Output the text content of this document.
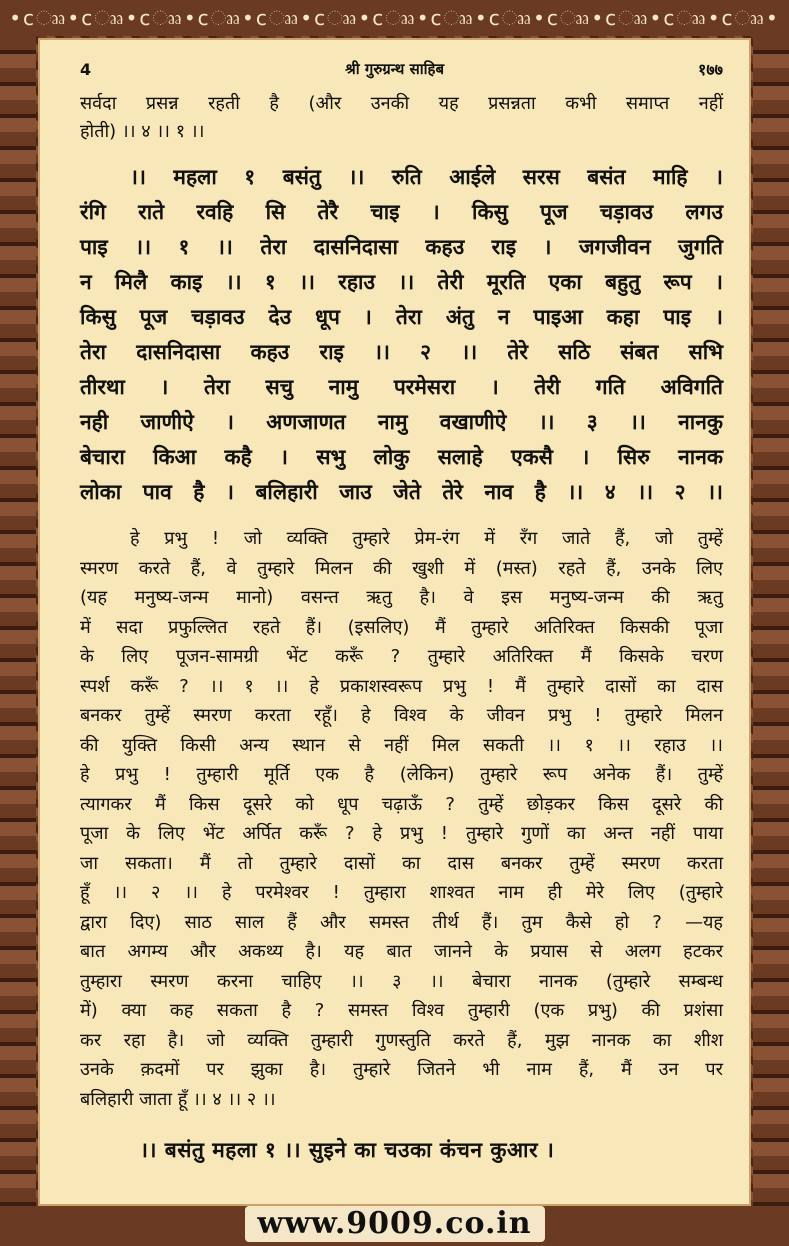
•cෲ•cෲ•cෲ•cෲ•cෲ•cෲ•cෲ•cෲ•cෲ•cෲ•cෲ•cෲ•cෲ•
www.9009.co.in
4	श्री गुरुग्रन्थ साहिब	१७७
सर्वदा प्रसन्न रहती है (और उनकी यह प्रसन्नता कभी समाप्त नहीं
होती) ।। ४ ।। १ ।।
।। महला १ बसंतु ।। रुति आईले सरस बसंत माहि ।
रंगि राते रवहि सि तेरै चाइ । किसु पूज चड़ावउ लगउ
पाइ ।। १ ।। तेरा दासनिदासा कहउ राइ । जगजीवन जुगति
न मिलै काइ ।। १ ।। रहाउ ।। तेरी मूरति एका बहुतु रूप ।
किसु पूज चड़ावउ देउ धूप । तेरा अंतु न पाइआ कहा पाइ ।
तेरा दासनिदासा कहउ राइ ।। २ ।। तेरे सठि संबत सभि
तीरथा । तेरा सचु नामु परमेसरा । तेरी गति अविगति
नही जाणीऐ । अणजाणत नामु वखाणीऐ ।। ३ ।। नानकु
बेचारा किआ कहै । सभु लोकु सलाहे एकसै । सिरु नानक
लोका पाव है । बलिहारी जाउ जेते तेरे नाव है ।। ४ ।। २ ।।
हे प्रभु ! जो व्यक्ति तुम्हारे प्रेम-रंग में रँग जाते हैं, जो तुम्हें
स्मरण करते हैं, वे तुम्हारे मिलन की खुशी में (मस्त) रहते हैं, उनके लिए
(यह मनुष्य-जन्म मानो) वसन्त ऋतु है। वे इस मनुष्य-जन्म की ऋतु
में सदा प्रफुल्लित रहते हैं। (इसलिए) मैं तुम्हारे अतिरिक्त किसकी पूजा
के लिए पूजन-सामग्री भेंट करूँ ? तुम्हारे अतिरिक्त मैं किसके चरण
स्पर्श करूँ ? ।। १ ।। हे प्रकाशस्वरूप प्रभु ! मैं तुम्हारे दासों का दास
बनकर तुम्हें स्मरण करता रहूँ। हे विश्व के जीवन प्रभु ! तुम्हारे मिलन
की युक्ति किसी अन्य स्थान से नहीं मिल सकती ।। १ ।। रहाउ ।।
हे प्रभु ! तुम्हारी मूर्ति एक है (लेकिन) तुम्हारे रूप अनेक हैं। तुम्हें
त्यागकर मैं किस दूसरे को धूप चढ़ाऊँ ? तुम्हें छोड़कर किस दूसरे की
पूजा के लिए भेंट अर्पित करूँ ? हे प्रभु ! तुम्हारे गुणों का अन्त नहीं पाया
जा सकता। मैं तो तुम्हारे दासों का दास बनकर तुम्हें स्मरण करता
हूँ ।। २ ।। हे परमेश्वर ! तुम्हारा शाश्वत नाम ही मेरे लिए (तुम्हारे
द्वारा दिए) साठ साल हैं और समस्त तीर्थ हैं। तुम कैसे हो ? —यह
बात अगम्य और अकथ्य है। यह बात जानने के प्रयास से अलग हटकर
तुम्हारा स्मरण करना चाहिए ।। ३ ।। बेचारा नानक (तुम्हारे सम्बन्ध
में) क्या कह सकता है ? समस्त विश्व तुम्हारी (एक प्रभु) की प्रशंसा
कर रहा है। जो व्यक्ति तुम्हारी गुणस्तुति करते हैं, मुझ नानक का शीश
उनके क़दमों पर झुका है। तुम्हारे जितने भी नाम हैं, मैं उन पर
बलिहारी जाता हूँ ।। ४ ।। २ ।।
।। बसंतु महला १ ।। सुइने का चउका कंचन कुआर ।
